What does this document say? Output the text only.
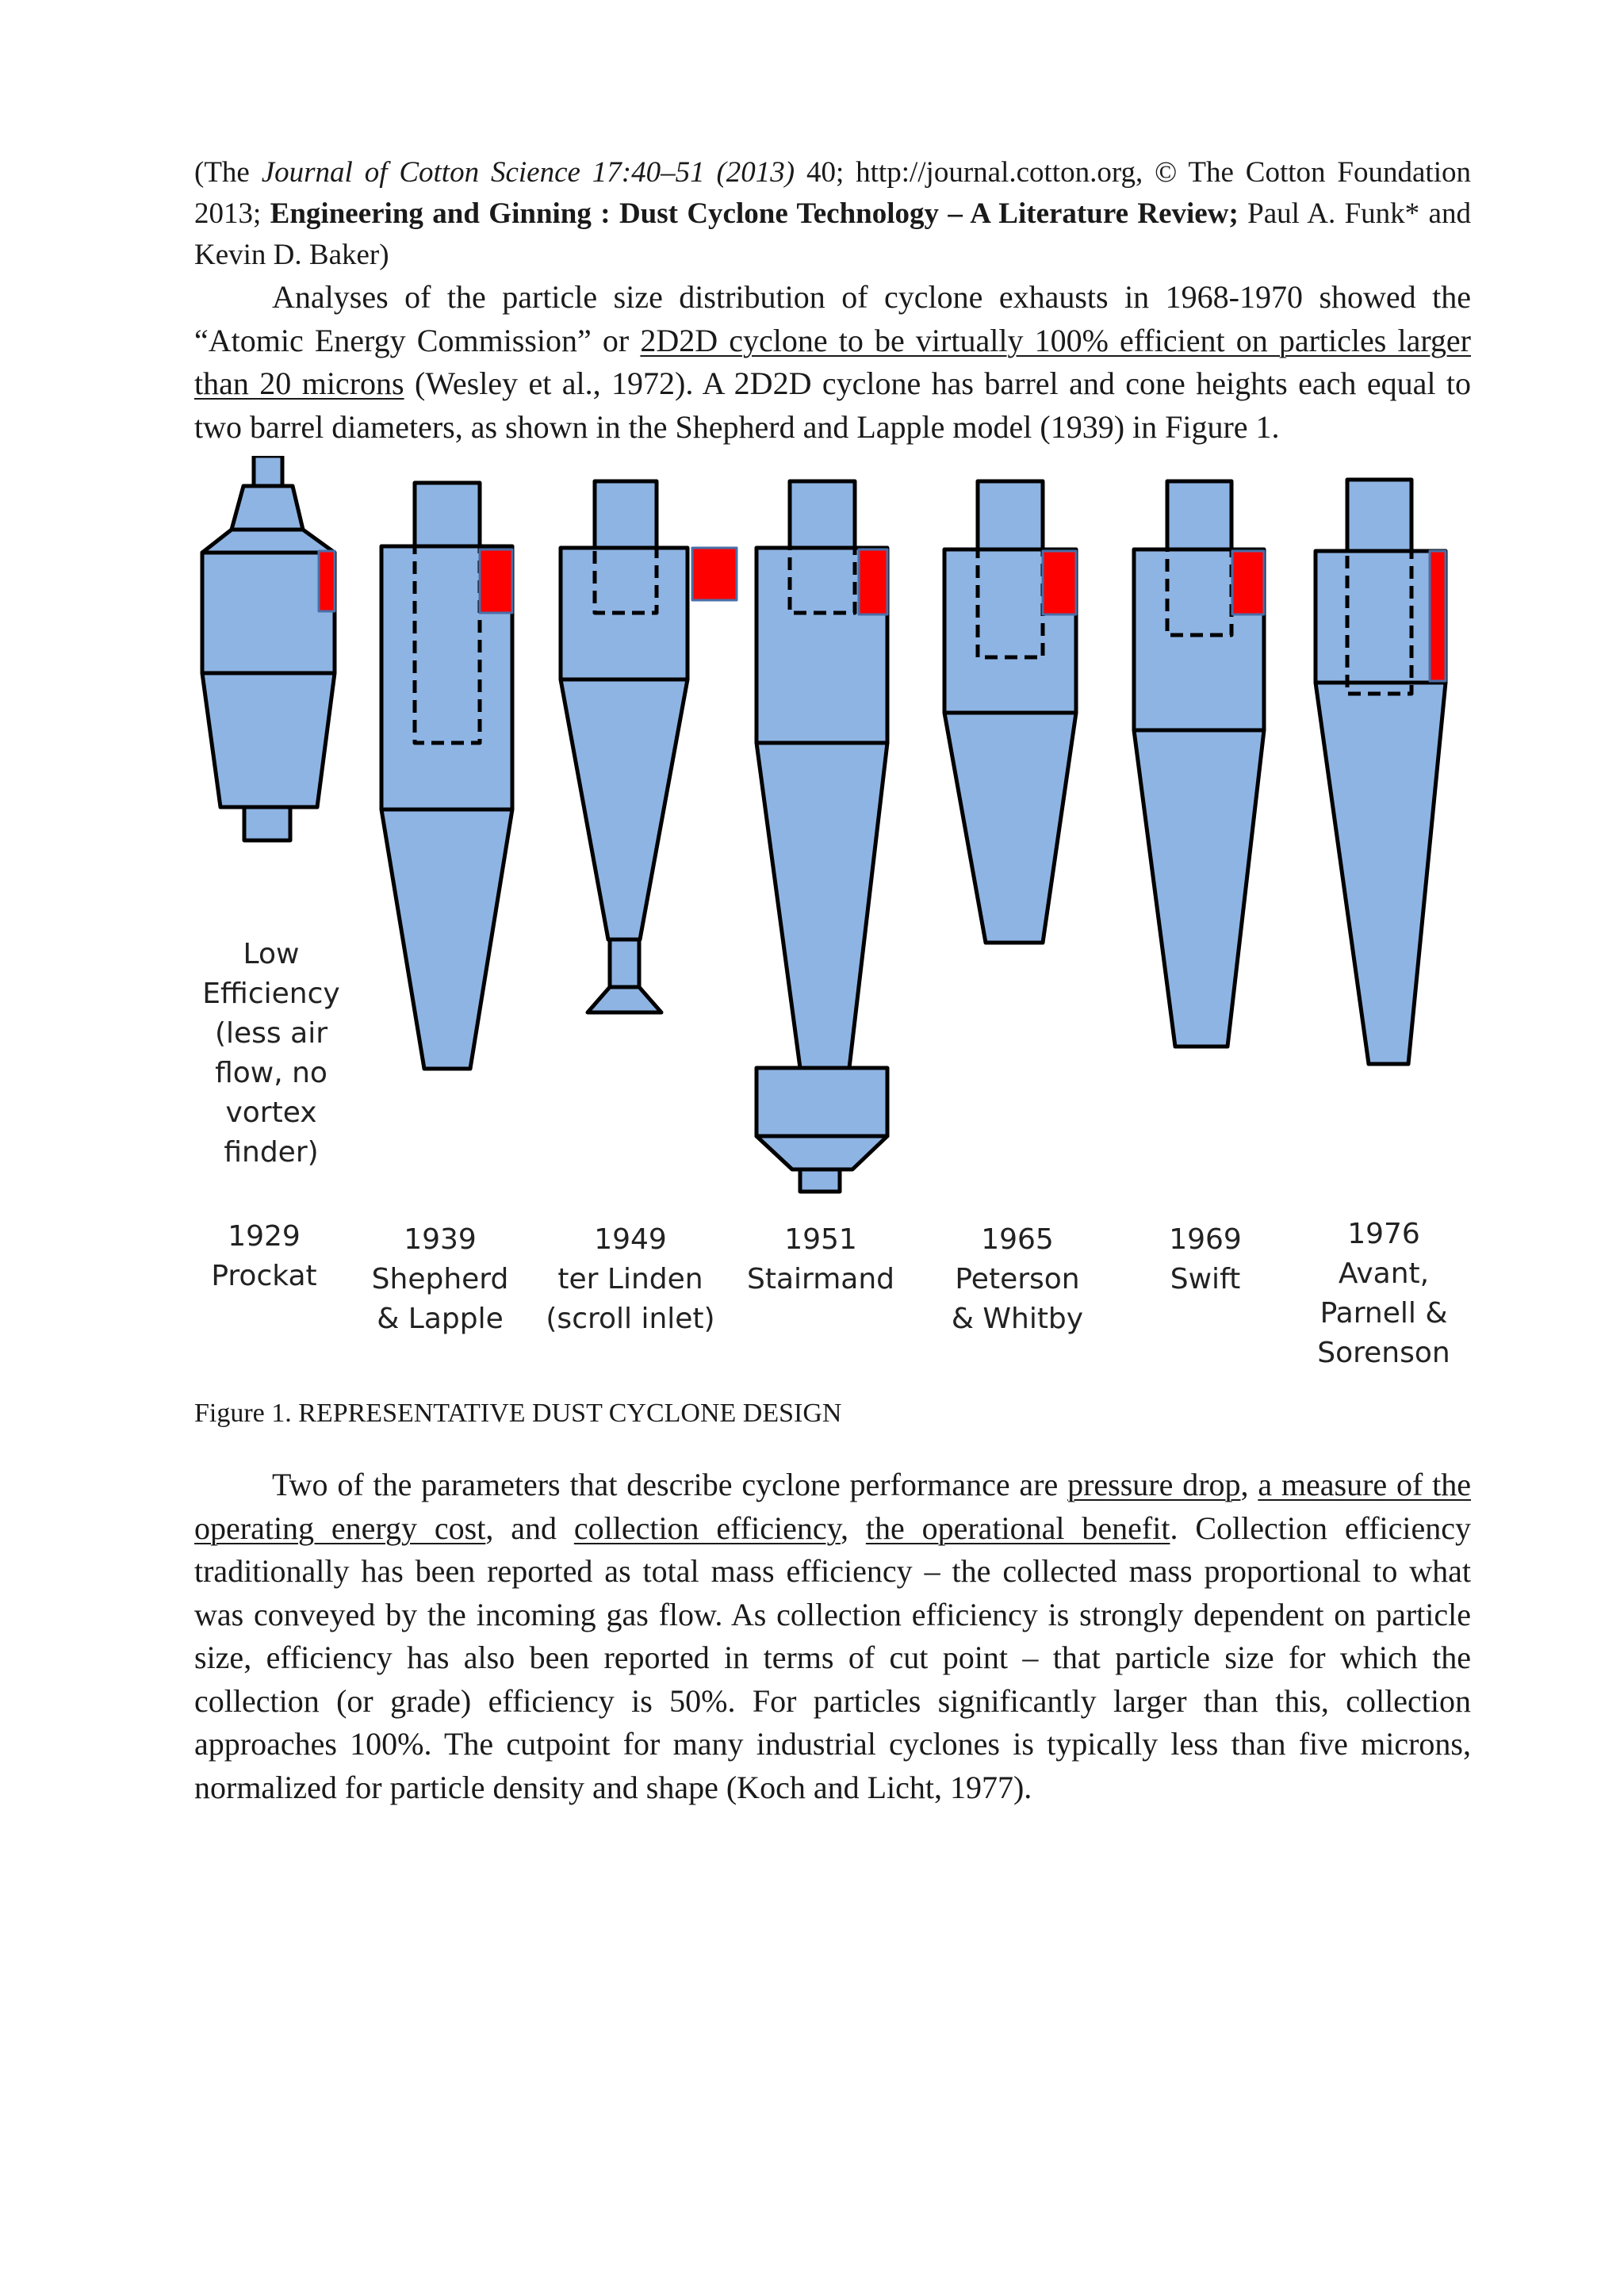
(The Journal of Cotton Science 17:40–51 (2013) 40; http://journal.cotton.org, © The Cotton Foundation 2013; Engineering and Ginning : Dust Cyclone Technology – A Literature Review; Paul A. Funk* and Kevin D. Baker)

Analyses of the particle size distribution of cyclone exhausts in 1968-1970 showed the “Atomic Energy Commission” or 2D2D cyclone to be virtually 100% efficient on particles larger than 20 microns (Wesley et al., 1972). A 2D2D cyclone has barrel and cone heights each equal to two barrel diameters, as shown in the Shepherd and Lapple model (1939) in Figure 1.

Low
Efficiency
(less air
flow, no
vortex
finder)
1929
Prockat
1939
Shepherd
& Lapple
1949
ter Linden
(scroll inlet)
1951
Stairmand
1965
Peterson
& Whitby
1969
Swift
1976
Avant,
Parnell &
Sorenson

Figure 1. REPRESENTATIVE DUST CYCLONE DESIGN

Two of the parameters that describe cyclone performance are pressure drop, a measure of the operating energy cost, and collection efficiency, the operational benefit. Collection efficiency traditionally has been reported as total mass efficiency – the collected mass proportional to what was conveyed by the incoming gas flow. As collection efficiency is strongly dependent on particle size, efficiency has also been reported in terms of cut point – that particle size for which the collection (or grade) efficiency is 50%. For particles significantly larger than this, collection approaches 100%. The cutpoint for many industrial cyclones is typically less than five microns, normalized for particle density and shape (Koch and Licht, 1977).
